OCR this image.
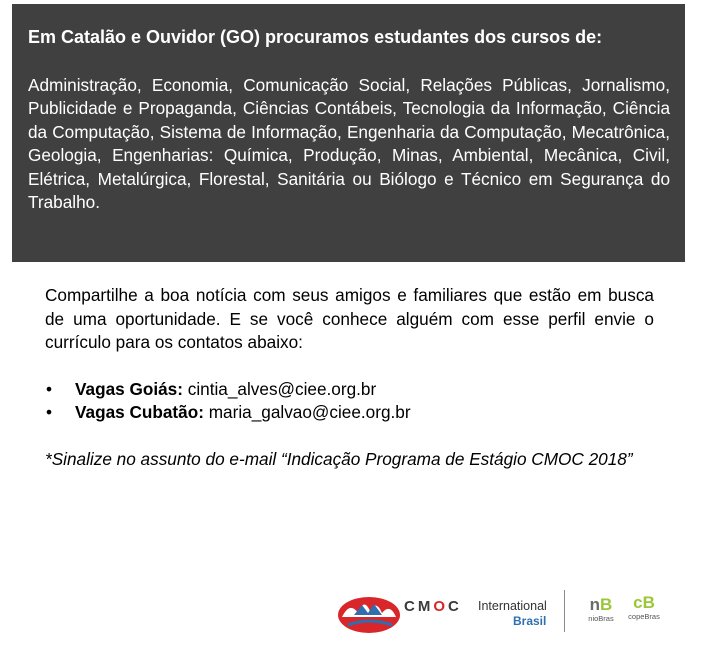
Em Catalão e Ouvidor (GO) procuramos estudantes dos cursos de:

Administração, Economia, Comunicação Social, Relações Públicas, Jornalismo, Publicidade e Propaganda, Ciências Contábeis, Tecnologia da Informação, Ciência da Computação, Sistema de Informação, Engenharia da Computação, Mecatrônica, Geologia, Engenharias: Química, Produção, Minas, Ambiental, Mecânica, Civil, Elétrica, Metalúrgica, Florestal, Sanitária ou Biólogo e Técnico em Segurança do Trabalho.

Compartilhe a boa notícia com seus amigos e familiares que estão em busca de uma oportunidade. E se você conhece alguém com esse perfil envie o currículo para os contatos abaixo:

• Vagas Goiás: cintia_alves@ciee.org.br
• Vagas Cubatão: maria_galvao@ciee.org.br

*Sinalize no assunto do e-mail “Indicação Programa de Estágio CMOC 2018”

CMOC International
Brasil
nB
nioBras
cB
copeBras
